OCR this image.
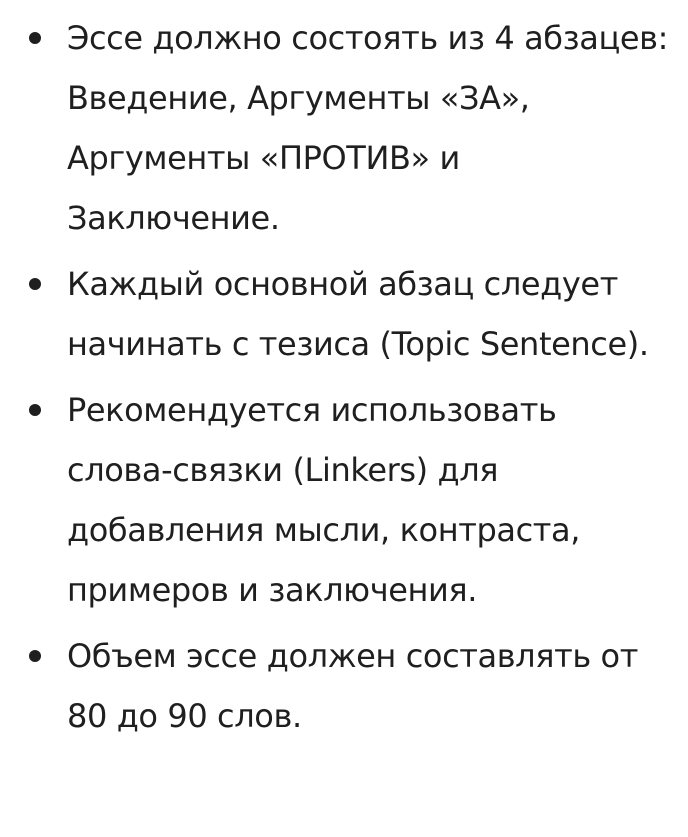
Эссе должно состоять из 4 абзацев: Введение, Аргументы «ЗА», Аргументы «ПРОТИВ» и Заключение.
Каждый основной абзац следует начинать с тезиса (Topic Sentence).
Рекомендуется использовать слова-связки (Linkers) для добавления мысли, контраста, примеров и заключения.
Объем эссе должен составлять от 80 до 90 слов.
